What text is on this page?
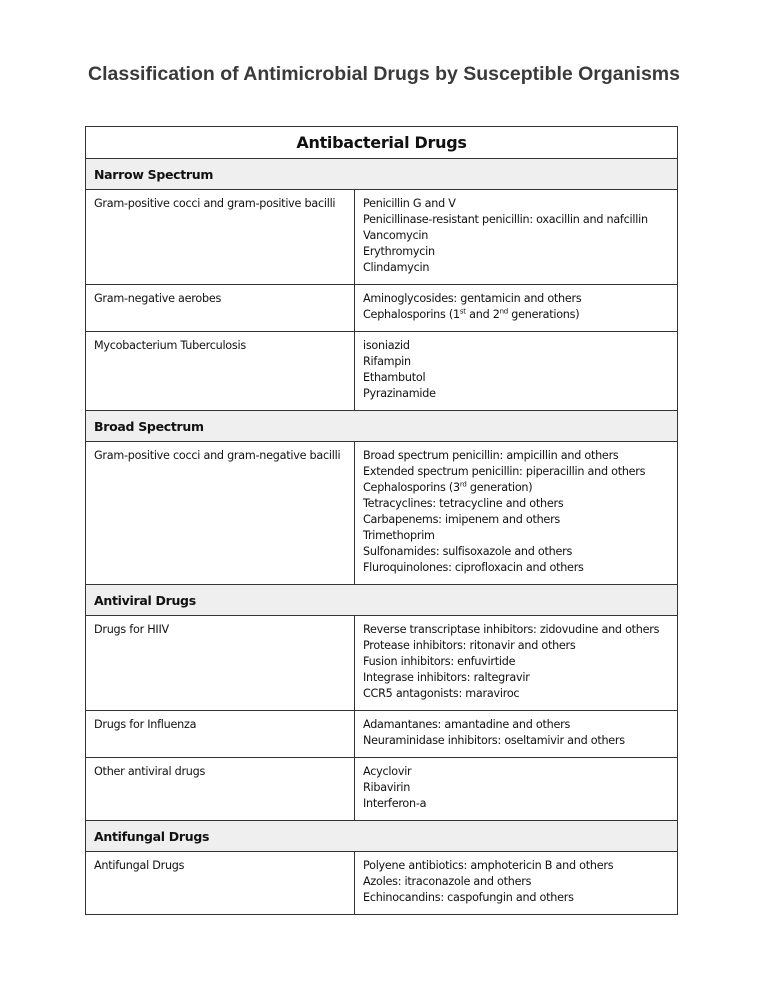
Classification of Antimicrobial Drugs by Susceptible Organisms
Antibacterial Drugs	
Narrow Spectrum	
Gram-positive cocci and gram-positive bacilli	Penicillin G and V
Penicillinase-resistant penicillin: oxacillin and nafcillin
Vancomycin
Erythromycin
Clindamycin

Gram-negative aerobes	Aminoglycosides: gentamicin and others
Cephalosporins (1st and 2nd generations)

Mycobacterium Tuberculosis	isoniazid
Rifampin
Ethambutol
Pyrazinamide

Broad Spectrum	
Gram-positive cocci and gram-negative bacilli	Broad spectrum penicillin: ampicillin and others
Extended spectrum penicillin: piperacillin and others
Cephalosporins (3rd generation)
Tetracyclines: tetracycline and others
Carbapenems: imipenem and others
Trimethoprim
Sulfonamides: sulfisoxazole and others
Fluroquinolones: ciprofloxacin and others

Antiviral Drugs	
Drugs for HIIV	Reverse transcriptase inhibitors: zidovudine and others
Protease inhibitors: ritonavir and others
Fusion inhibitors: enfuvirtide
Integrase inhibitors: raltegravir
CCR5 antagonists: maraviroc

Drugs for Influenza	Adamantanes: amantadine and others
Neuraminidase inhibitors: oseltamivir and others

Other antiviral drugs	Acyclovir
Ribavirin
Interferon-a

Antifungal Drugs	
Antifungal Drugs	Polyene antibiotics: amphotericin B and others
Azoles: itraconazole and others
Echinocandins: caspofungin and others
